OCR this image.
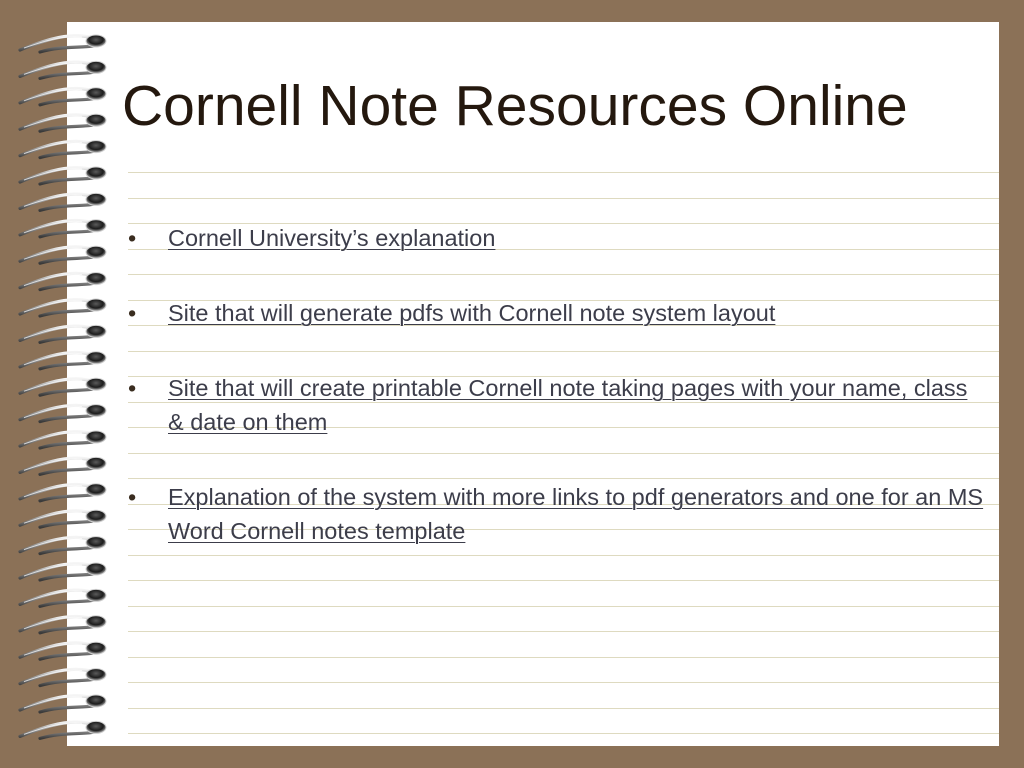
Cornell Note Resources Online
• Cornell University’s explanation
• Site that will generate pdfs with Cornell note system layout
• Site that will create printable Cornell note taking pages with your name, class & date on them
• Explanation of the system with more links to pdf generators and one for an MS Word Cornell notes template
